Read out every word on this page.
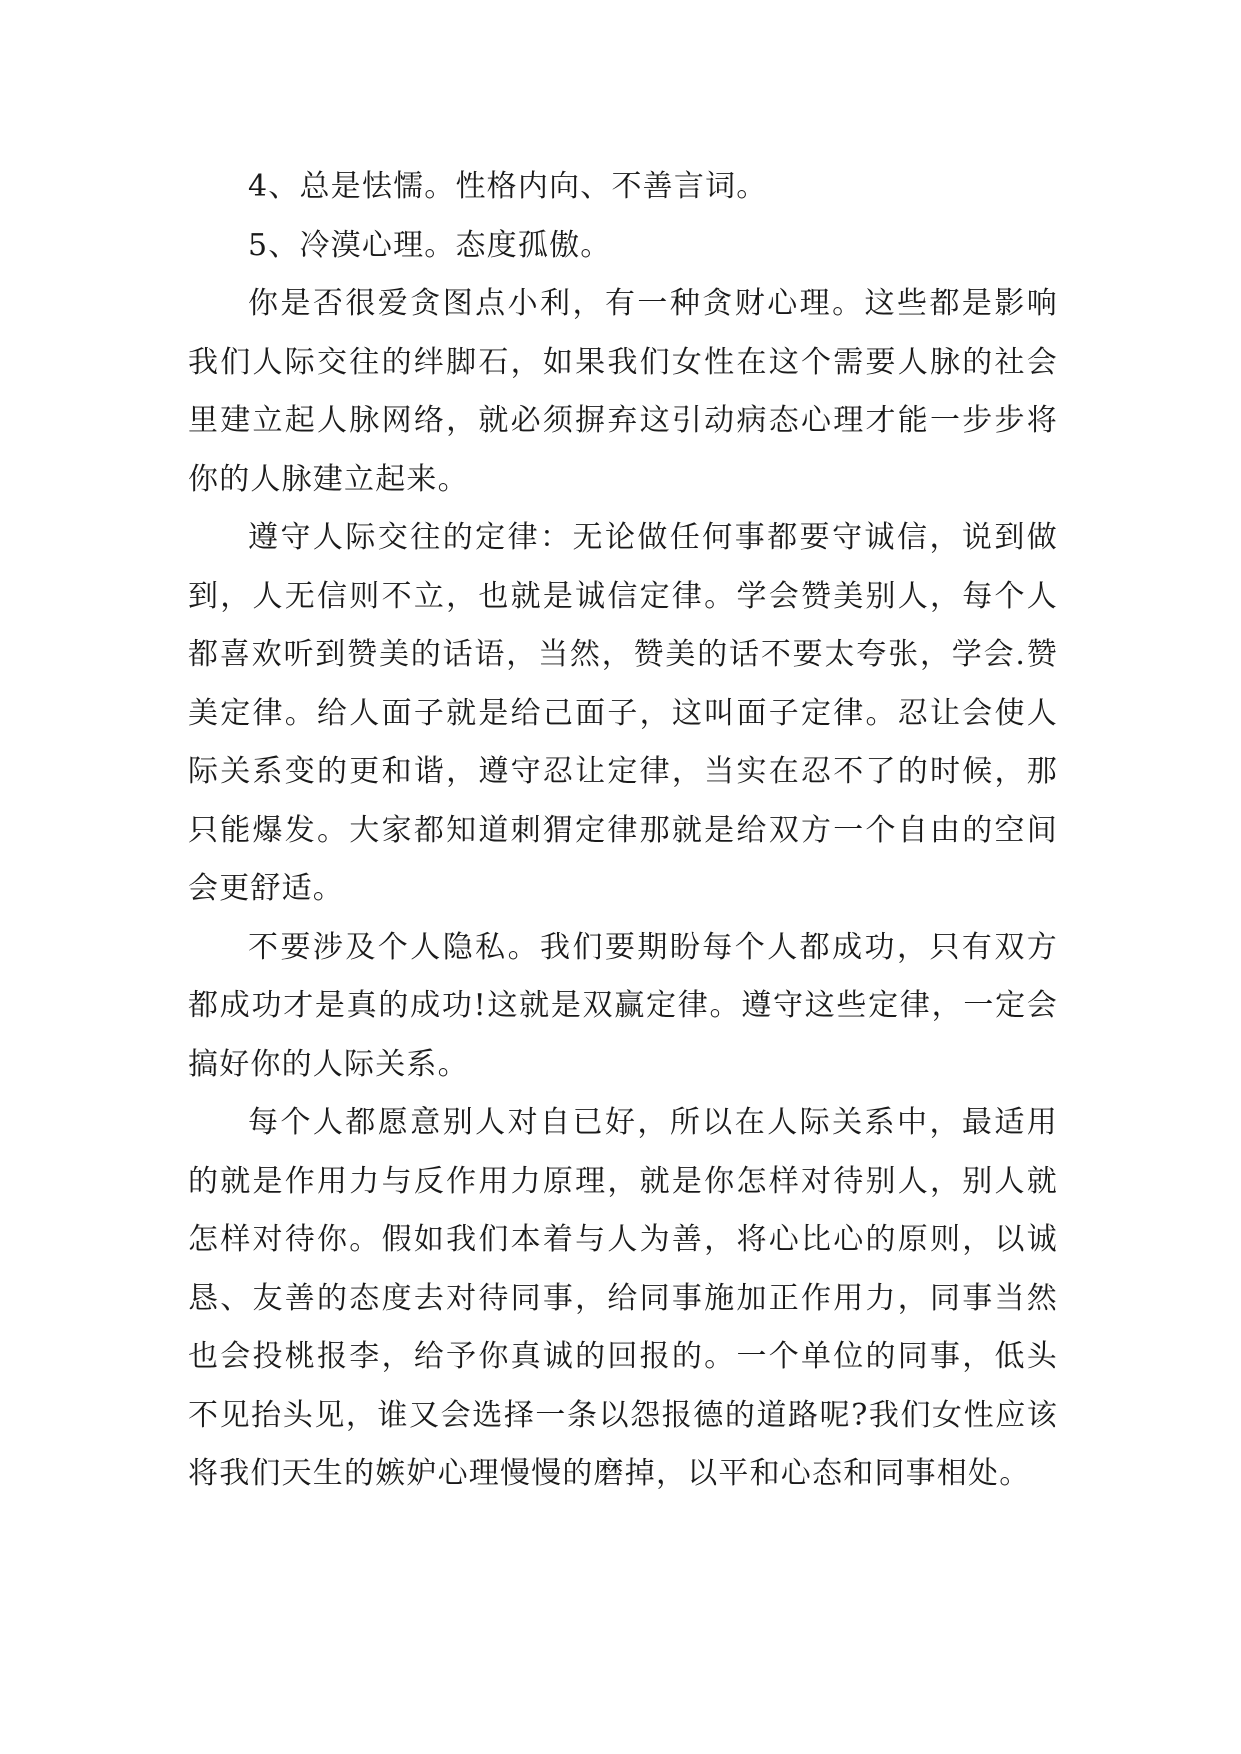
4、总是怯懦。性格内向、不善言词。

5、冷漠心理。态度孤傲。

你是否很爱贪图点小利，有一种贪财心理。这些都是影响我们人际交往的绊脚石，如果我们女性在这个需要人脉的社会里建立起人脉网络，就必须摒弃这引动病态心理才能一步步将你的人脉建立起来。

遵守人际交往的定律：无论做任何事都要守诚信，说到做到，人无信则不立，也就是诚信定律。学会赞美别人，每个人都喜欢听到赞美的话语，当然，赞美的话不要太夸张，学会.赞美定律。给人面子就是给己面子，这叫面子定律。忍让会使人际关系变的更和谐，遵守忍让定律，当实在忍不了的时候，那只能爆发。大家都知道刺猬定律那就是给双方一个自由的空间会更舒适。

不要涉及个人隐私。我们要期盼每个人都成功，只有双方都成功才是真的成功!这就是双赢定律。遵守这些定律，一定会搞好你的人际关系。

每个人都愿意别人对自已好，所以在人际关系中，最适用的就是作用力与反作用力原理，就是你怎样对待别人，别人就怎样对待你。假如我们本着与人为善，将心比心的原则，以诚恳、友善的态度去对待同事，给同事施加正作用力，同事当然也会投桃报李，给予你真诚的回报的。一个单位的同事，低头不见抬头见，谁又会选择一条以怨报德的道路呢?我们女性应该将我们天生的嫉妒心理慢慢的磨掉，以平和心态和同事相处。
